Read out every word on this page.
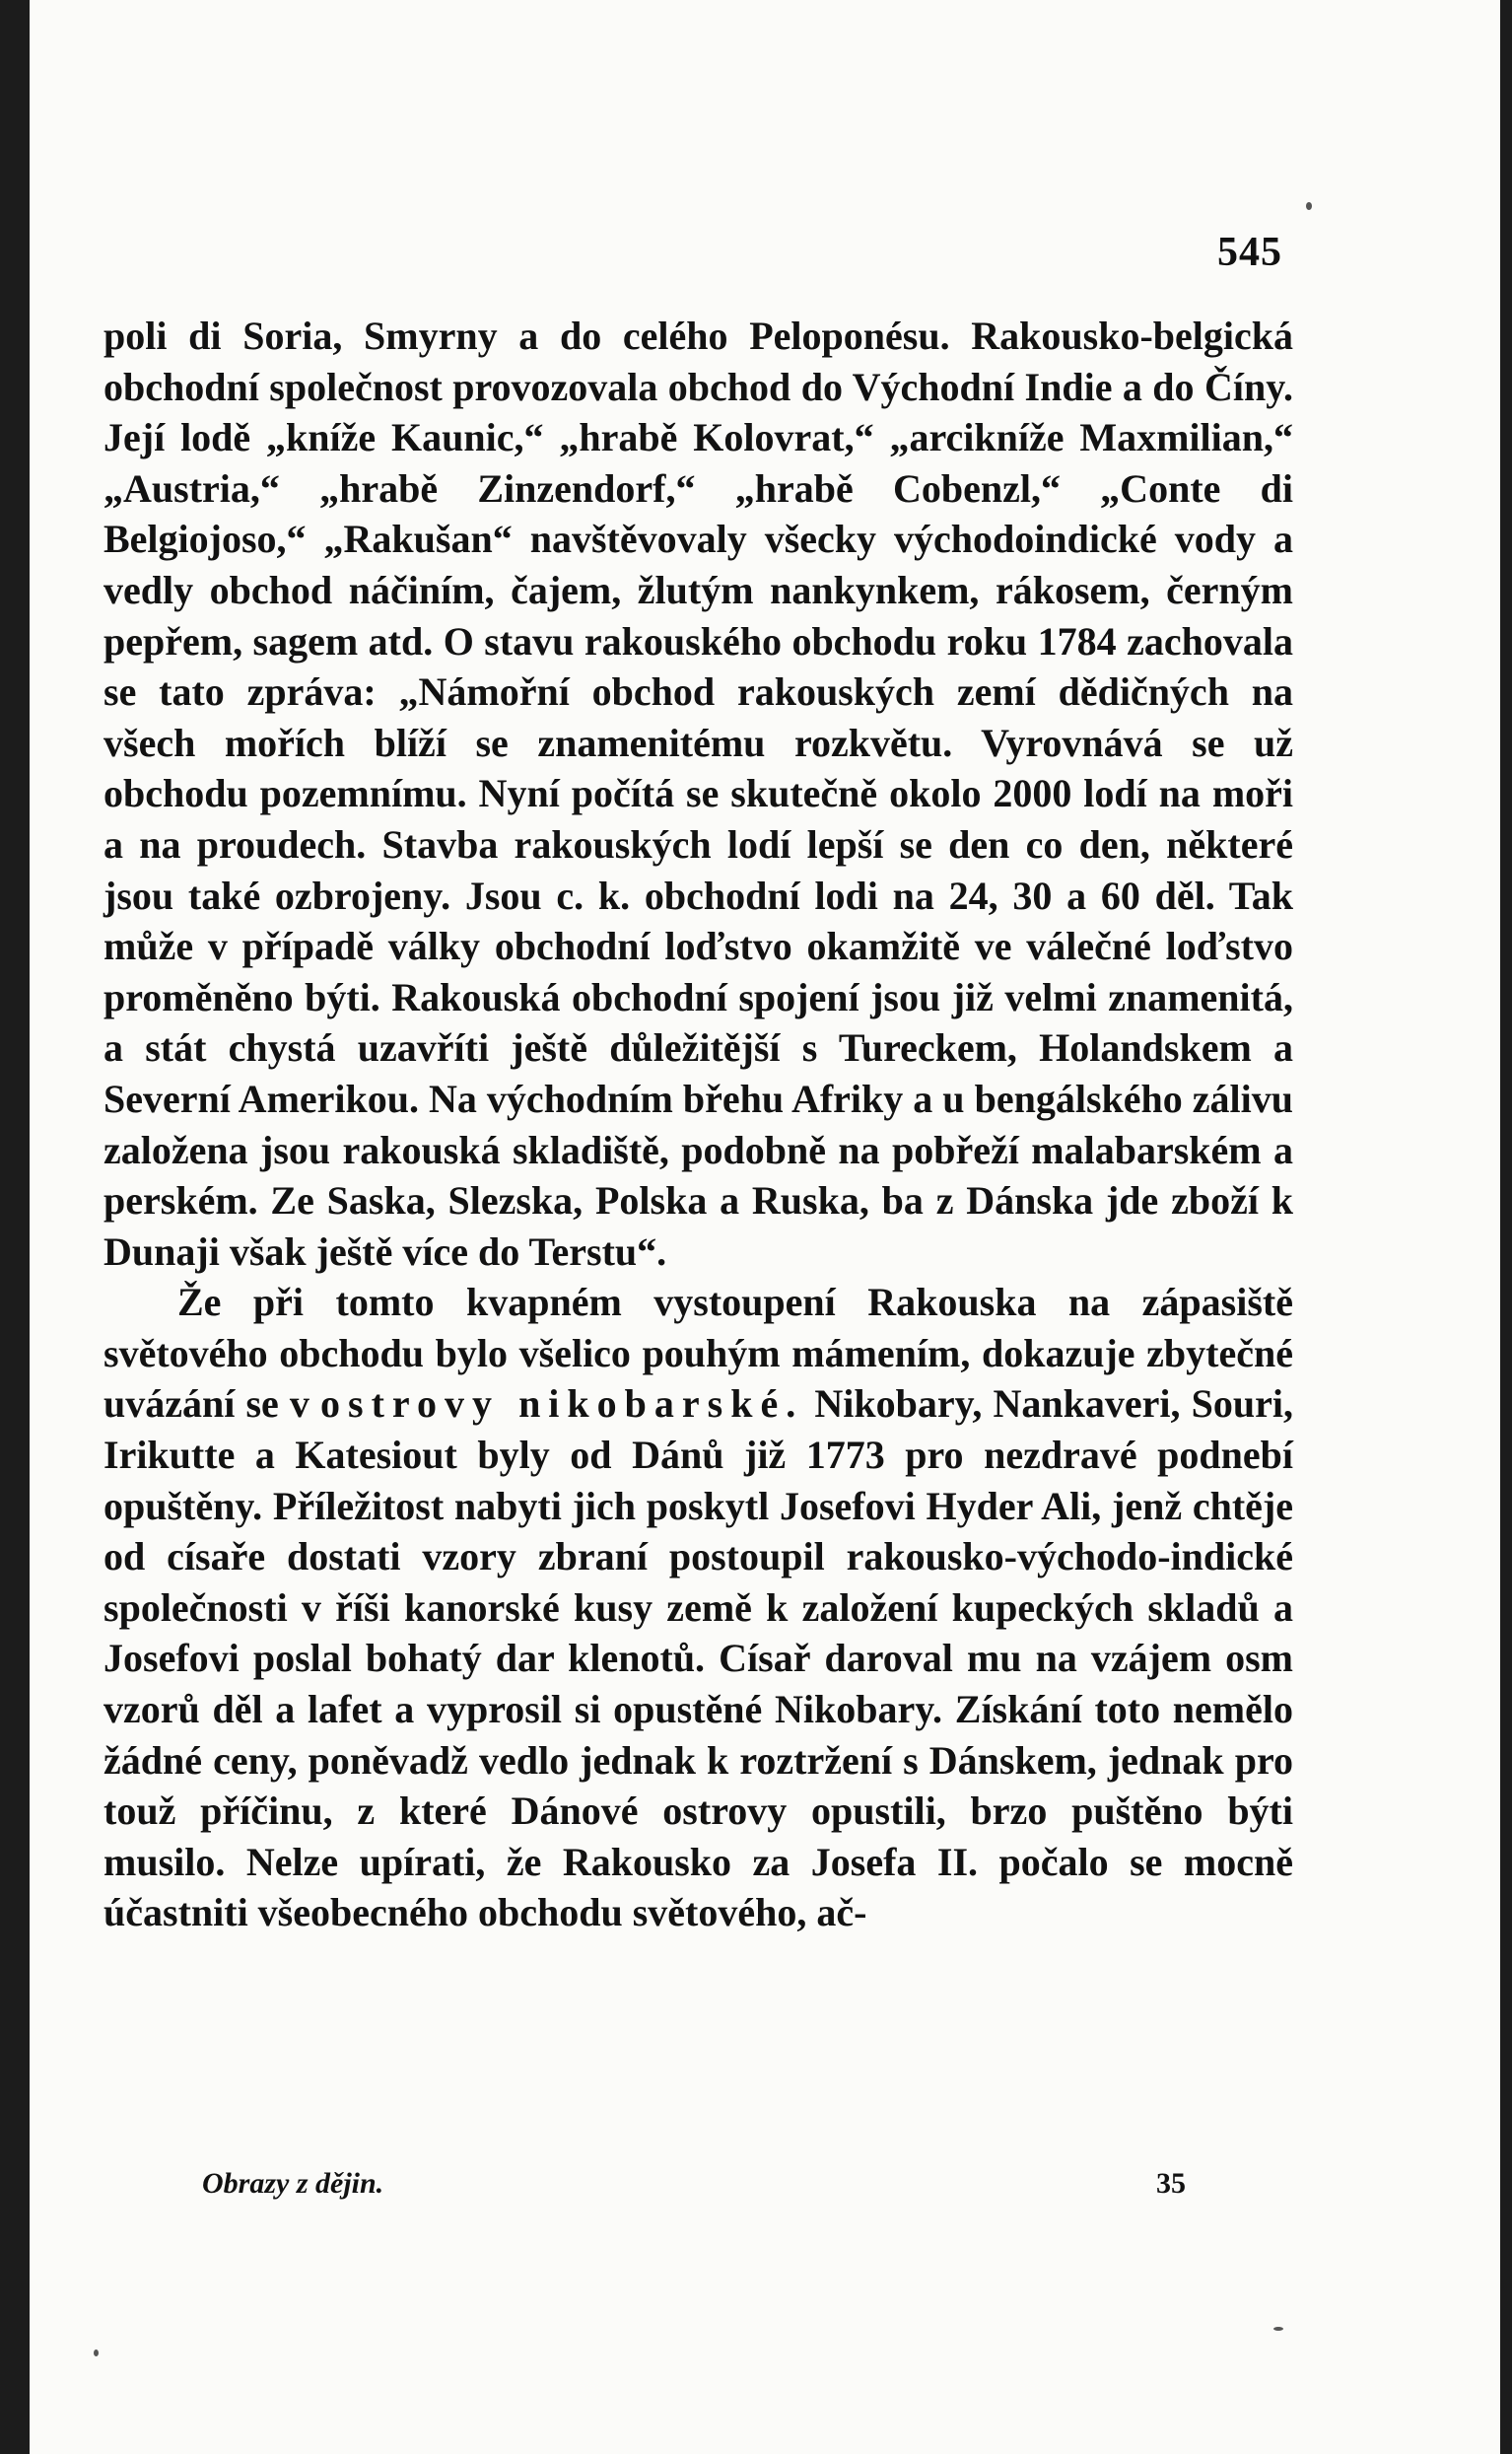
545

poli di Soria, Smyrny a do celého Peloponésu. Rakousko-belgická obchodní společnost provozovala obchod do Východní Indie a do Číny. Její lodě „kníže Kaunic,“ „hrabě Kolovrat,“ „arcikníže Maxmilian,“ „Austria,“ „hrabě Zinzendorf,“ „hrabě Cobenzl,“ „Conte di Belgiojoso,“ „Rakušan“ navštěvovaly všecky východoindické vody a vedly obchod náčiním, čajem, žlutým nankynkem, rákosem, černým pepřem, sagem atd. O stavu rakouského obchodu roku 1784 zachovala se tato zpráva: „Námořní obchod rakouských zemí dědičných na všech mořích blíží se znamenitému rozkvětu. Vyrovnává se už obchodu pozemnímu. Nyní počítá se skutečně okolo 2000 lodí na moři a na proudech. Stavba rakouských lodí lepší se den co den, některé jsou také ozbrojeny. Jsou c. k. obchodní lodi na 24, 30 a 60 děl. Tak může v případě války obchodní loďstvo okamžitě ve válečné loďstvo proměněno býti. Rakouská obchodní spojení jsou již velmi znamenitá, a stát chystá uzavříti ještě důležitější s Tureckem, Holandskem a Severní Amerikou. Na východním břehu Afriky a u bengálského zálivu založena jsou rakouská skladiště, podobně na pobřeží malabarském a perském. Ze Saska, Slezska, Polska a Ruska, ba z Dánska jde zboží k Dunaji však ještě více do Terstu“.

Že při tomto kvapném vystoupení Rakouska na zápasiště světového obchodu bylo všelico pouhým mámením, dokazuje zbytečné uvázání se v ostrovy nikobarské. Nikobary, Nankaveri, Souri, Irikutte a Katesiout byly od Dánů již 1773 pro nezdravé podnebí opuštěny. Příležitost nabyti jich poskytl Josefovi Hyder Ali, jenž chtěje od císaře dostati vzory zbraní postoupil rakousko-východo-indické společnosti v říši kanorské kusy země k založení kupeckých skladů a Josefovi poslal bohatý dar klenotů. Císař daroval mu na vzájem osm vzorů děl a lafet a vyprosil si opustěné Nikobary. Získání toto nemělo žádné ceny, poněvadž vedlo jednak k roztržení s Dánskem, jednak pro touž příčinu, z které Dánové ostrovy opustili, brzo puštěno býti musilo. Nelze upírati, že Rakousko za Josefa II. počalo se mocně účastniti všeobecného obchodu světového, ač-

Obrazy z dějin.	35
